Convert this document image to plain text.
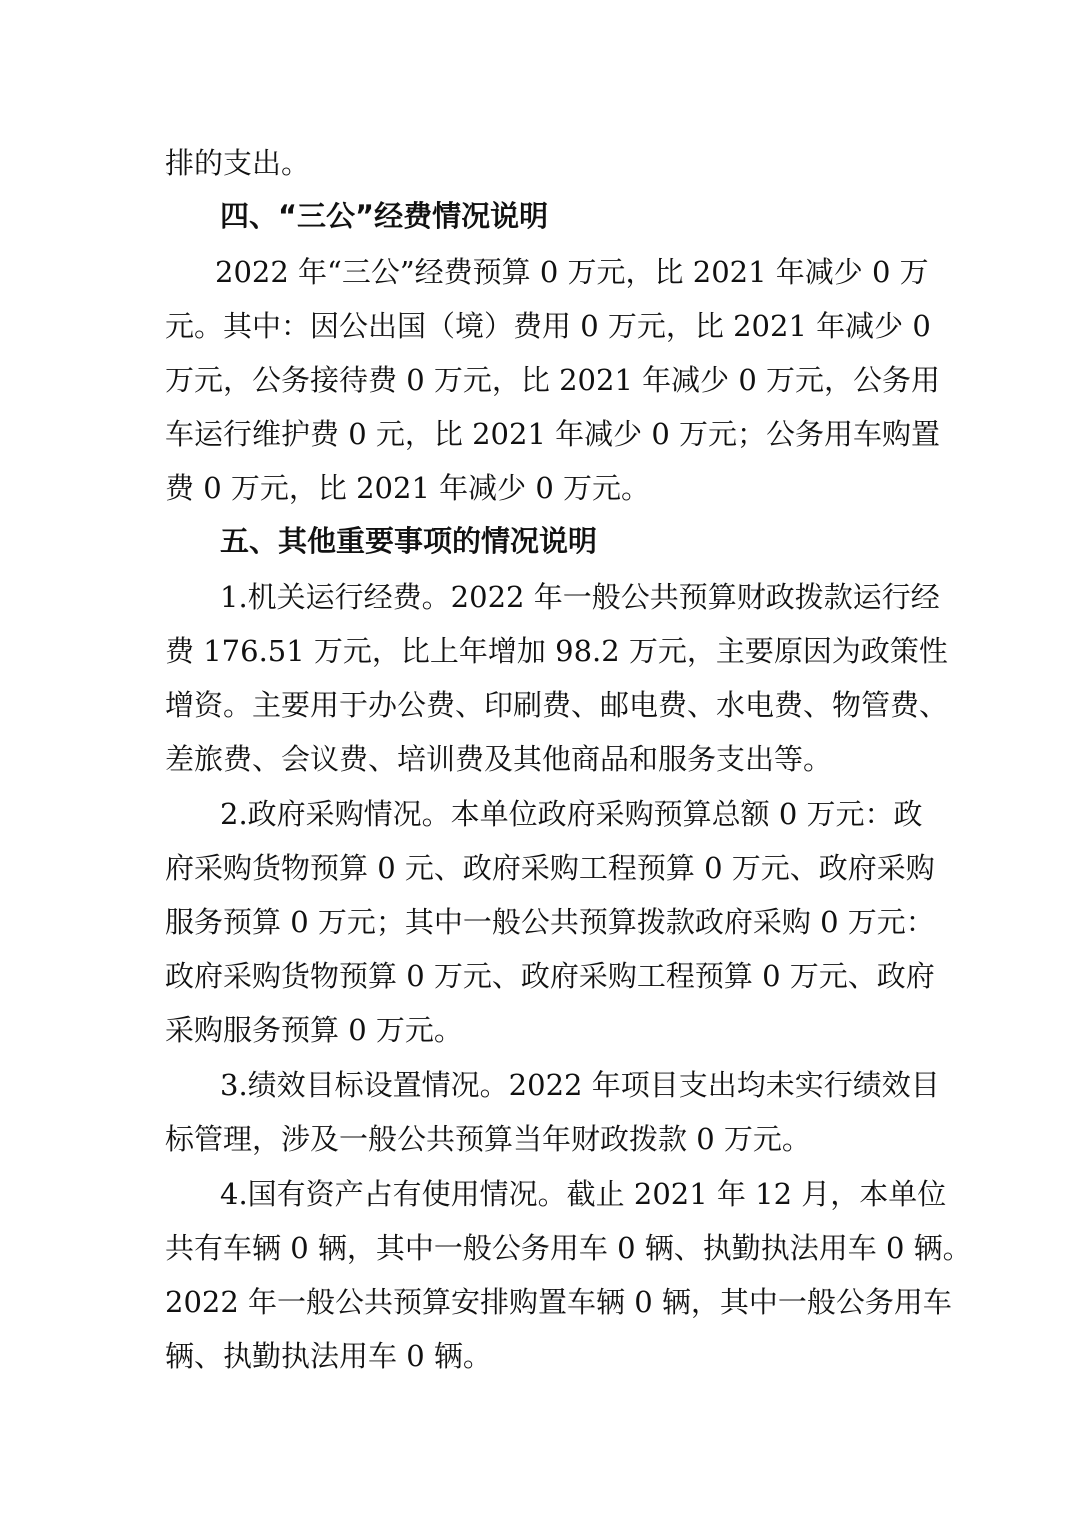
排的支出。
四、“三公”经费情况说明
2022 年“三公”经费预算 0 万元，比 2021 年减少 0 万
元。其中：因公出国（境）费用 0 万元，比 2021 年减少 0
万元，公务接待费 0 万元，比 2021 年减少 0 万元，公务用
车运行维护费 0 元，比 2021 年减少 0 万元；公务用车购置
费 0 万元，比 2021 年减少 0 万元。
五、其他重要事项的情况说明
1.机关运行经费。2022 年一般公共预算财政拨款运行经
费 176.51 万元，比上年增加 98.2 万元，主要原因为政策性
增资。主要用于办公费、印刷费、邮电费、水电费、物管费、
差旅费、会议费、培训费及其他商品和服务支出等。
2.政府采购情况。本单位政府采购预算总额 0 万元：政
府采购货物预算 0 元、政府采购工程预算 0 万元、政府采购
服务预算 0 万元；其中一般公共预算拨款政府采购 0 万元：
政府采购货物预算 0 万元、政府采购工程预算 0 万元、政府
采购服务预算 0 万元。
3.绩效目标设置情况。2022 年项目支出均未实行绩效目
标管理，涉及一般公共预算当年财政拨款 0 万元。
4.国有资产占有使用情况。截止 2021 年 12 月，本单位
共有车辆 0 辆，其中一般公务用车 0 辆、执勤执法用车 0 辆。
2022 年一般公共预算安排购置车辆 0 辆，其中一般公务用车
辆、执勤执法用车 0 辆。
